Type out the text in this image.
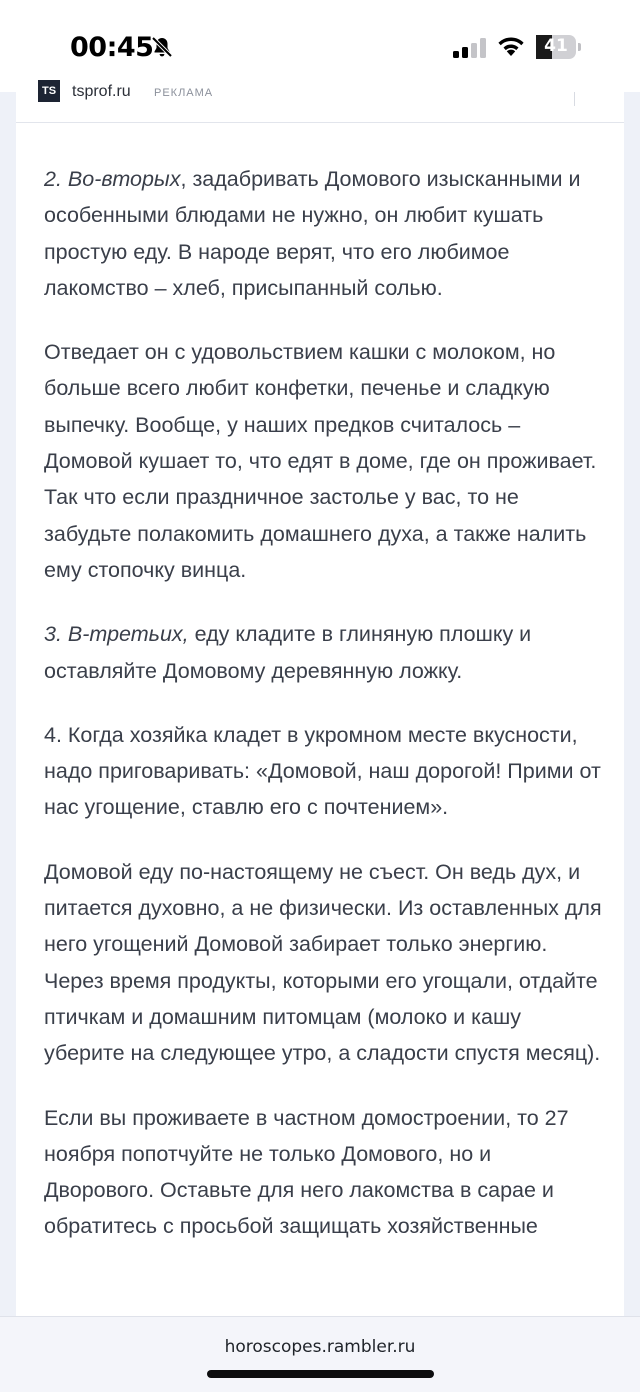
00:45	41
TS tsprof.ru РЕКЛАМА

2. Во-вторых, задабривать Домового изысканными и особенными блюдами не нужно, он любит кушать простую еду. В народе верят, что его любимое лакомство – хлеб, присыпанный солью.

Отведает он с удовольствием кашки с молоком, но больше всего любит конфетки, печенье и сладкую выпечку. Вообще, у наших предков считалось – Домовой кушает то, что едят в доме, где он проживает. Так что если праздничное застолье у вас, то не забудьте полакомить домашнего духа, а также налить ему стопочку винца.

3. В-третьих, еду кладите в глиняную плошку и оставляйте Домовому деревянную ложку.

4. Когда хозяйка кладет в укромном месте вкусности, надо приговаривать: «Домовой, наш дорогой! Прими от нас угощение, ставлю его с почтением».

Домовой еду по-настоящему не съест. Он ведь дух, и питается духовно, а не физически. Из оставленных для него угощений Домовой забирает только энергию. Через время продукты, которыми его угощали, отдайте птичкам и домашним питомцам (молоко и кашу уберите на следующее утро, а сладости спустя месяц).

Если вы проживаете в частном домостроении, то 27 ноября попотчуйте не только Домового, но и Дворового. Оставьте для него лакомства в сарае и обратитесь с просьбой защищать хозяйственные

horoscopes.rambler.ru
